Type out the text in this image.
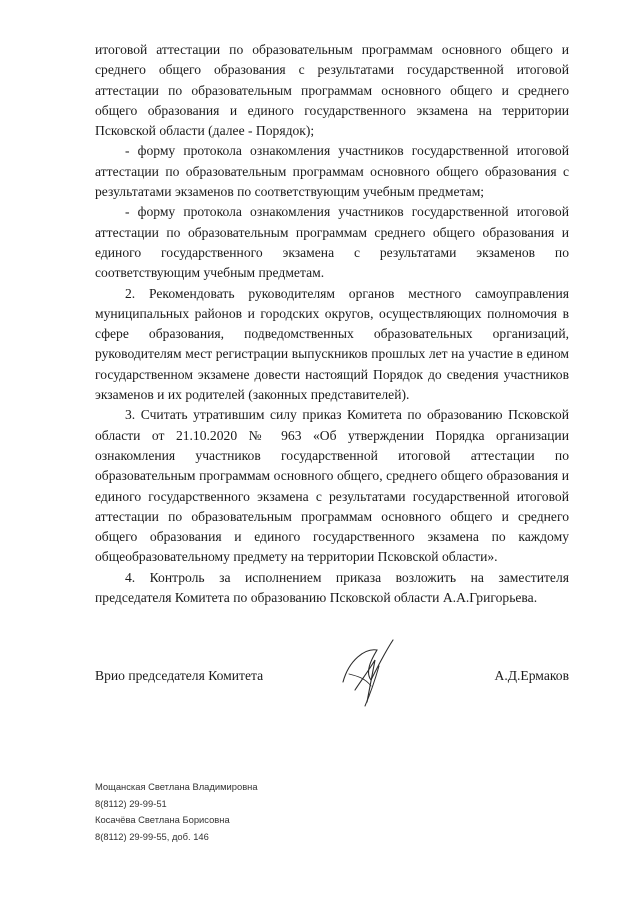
итоговой аттестации по образовательным программам основного общего и среднего общего образования с результатами государственной итоговой аттестации по образовательным программам основного общего и среднего общего образования и единого государственного экзамена на территории Псковской области (далее - Порядок);

- форму протокола ознакомления участников государственной итоговой аттестации по образовательным программам основного общего образования с результатами экзаменов по соответствующим учебным предметам;

- форму протокола ознакомления участников государственной итоговой аттестации по образовательным программам среднего общего образования и единого государственного экзамена с результатами экзаменов по соответствующим учебным предметам.

2. Рекомендовать руководителям органов местного самоуправления муниципальных районов и городских округов, осуществляющих полномочия в сфере образования, подведомственных образовательных организаций, руководителям мест регистрации выпускников прошлых лет на участие в едином государственном экзамене довести настоящий Порядок до сведения участников экзаменов и их родителей (законных представителей).

3. Считать утратившим силу приказ Комитета по образованию Псковской области от 21.10.2020 № 963 «Об утверждении Порядка организации ознакомления участников государственной итоговой аттестации по образовательным программам основного общего, среднего общего образования и единого государственного экзамена с результатами государственной итоговой аттестации по образовательным программам основного общего и среднего общего образования и единого государственного экзамена по каждому общеобразовательному предмету на территории Псковской области».

4. Контроль за исполнением приказа возложить на заместителя председателя Комитета по образованию Псковской области А.А.Григорьева.

Врио председателя Комитета	А.Д.Ермаков
Мощанская Светлана Владимировна
8(8112) 29-99-51
Косачёва Светлана Борисовна
8(8112) 29-99-55, доб. 146
